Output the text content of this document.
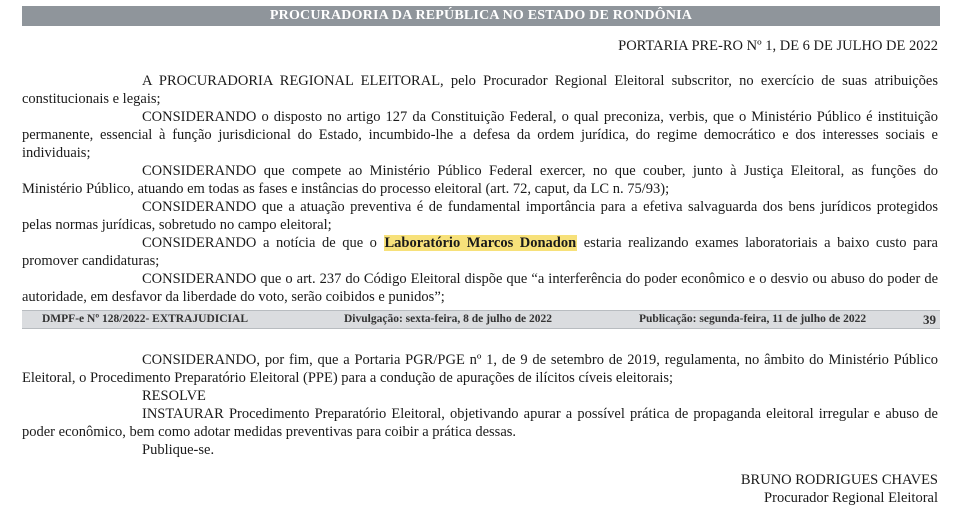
PROCURADORIA DA REPÚBLICA NO ESTADO DE RONDÔNIA
PORTARIA PRE-RO Nº 1, DE 6 DE JULHO DE 2022

A PROCURADORIA REGIONAL ELEITORAL, pelo Procurador Regional Eleitoral subscritor, no exercício de suas atribuições constitucionais e legais;

CONSIDERANDO o disposto no artigo 127 da Constituição Federal, o qual preconiza, verbis, que o Ministério Público é instituição permanente, essencial à função jurisdicional do Estado, incumbido-lhe a defesa da ordem jurídica, do regime democrático e dos interesses sociais e individuais;

CONSIDERANDO que compete ao Ministério Público Federal exercer, no que couber, junto à Justiça Eleitoral, as funções do Ministério Público, atuando em todas as fases e instâncias do processo eleitoral (art. 72, caput, da LC n. 75/93);

CONSIDERANDO que a atuação preventiva é de fundamental importância para a efetiva salvaguarda dos bens jurídicos protegidos pelas normas jurídicas, sobretudo no campo eleitoral;

CONSIDERANDO a notícia de que o Laboratório Marcos Donadon estaria realizando exames laboratoriais a baixo custo para promover candidaturas;

CONSIDERANDO que o art. 237 do Código Eleitoral dispõe que “a interferência do poder econômico e o desvio ou abuso do poder de autoridade, em desfavor da liberdade do voto, serão coibidos e punidos”;

DMPF-e Nº 128/2022- EXTRAJUDICIAL	Divulgação: sexta-feira, 8 de julho de 2022	Publicação: segunda-feira, 11 de julho de 2022	39

CONSIDERANDO, por fim, que a Portaria PGR/PGE nº 1, de 9 de setembro de 2019, regulamenta, no âmbito do Ministério Público Eleitoral, o Procedimento Preparatório Eleitoral (PPE) para a condução de apurações de ilícitos cíveis eleitorais;

RESOLVE

INSTAURAR Procedimento Preparatório Eleitoral, objetivando apurar a possível prática de propaganda eleitoral irregular e abuso de poder econômico, bem como adotar medidas preventivas para coibir a prática dessas.

Publique-se.

BRUNO RODRIGUES CHAVES
Procurador Regional Eleitoral
